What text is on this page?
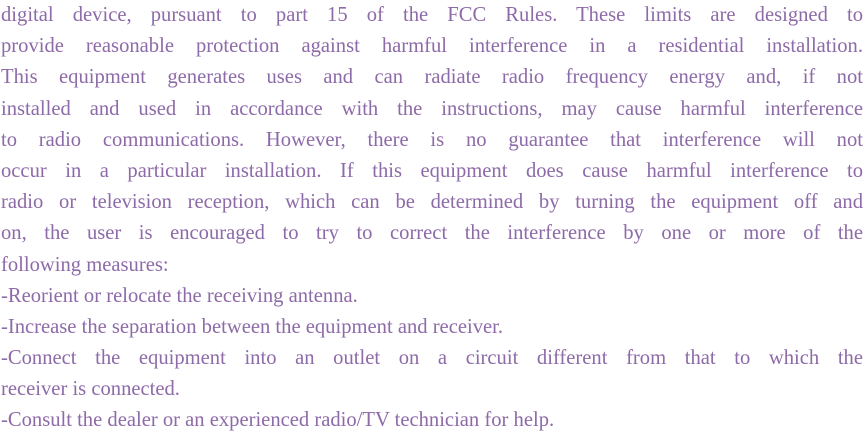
digital device, pursuant to part 15 of the FCC Rules. These limits are designed to
provide reasonable protection against harmful interference in a residential installation.
This equipment generates uses and can radiate radio frequency energy and, if not
installed and used in accordance with the instructions, may cause harmful interference
to radio communications. However, there is no guarantee that interference will not
occur in a particular installation. If this equipment does cause harmful interference to
radio or television reception, which can be determined by turning the equipment off and
on, the user is encouraged to try to correct the interference by one or more of the
following measures:
-Reorient or relocate the receiving antenna.
-Increase the separation between the equipment and receiver.
-Connect the equipment into an outlet on a circuit different from that to which the
receiver is connected.
-Consult the dealer or an experienced radio/TV technician for help.
